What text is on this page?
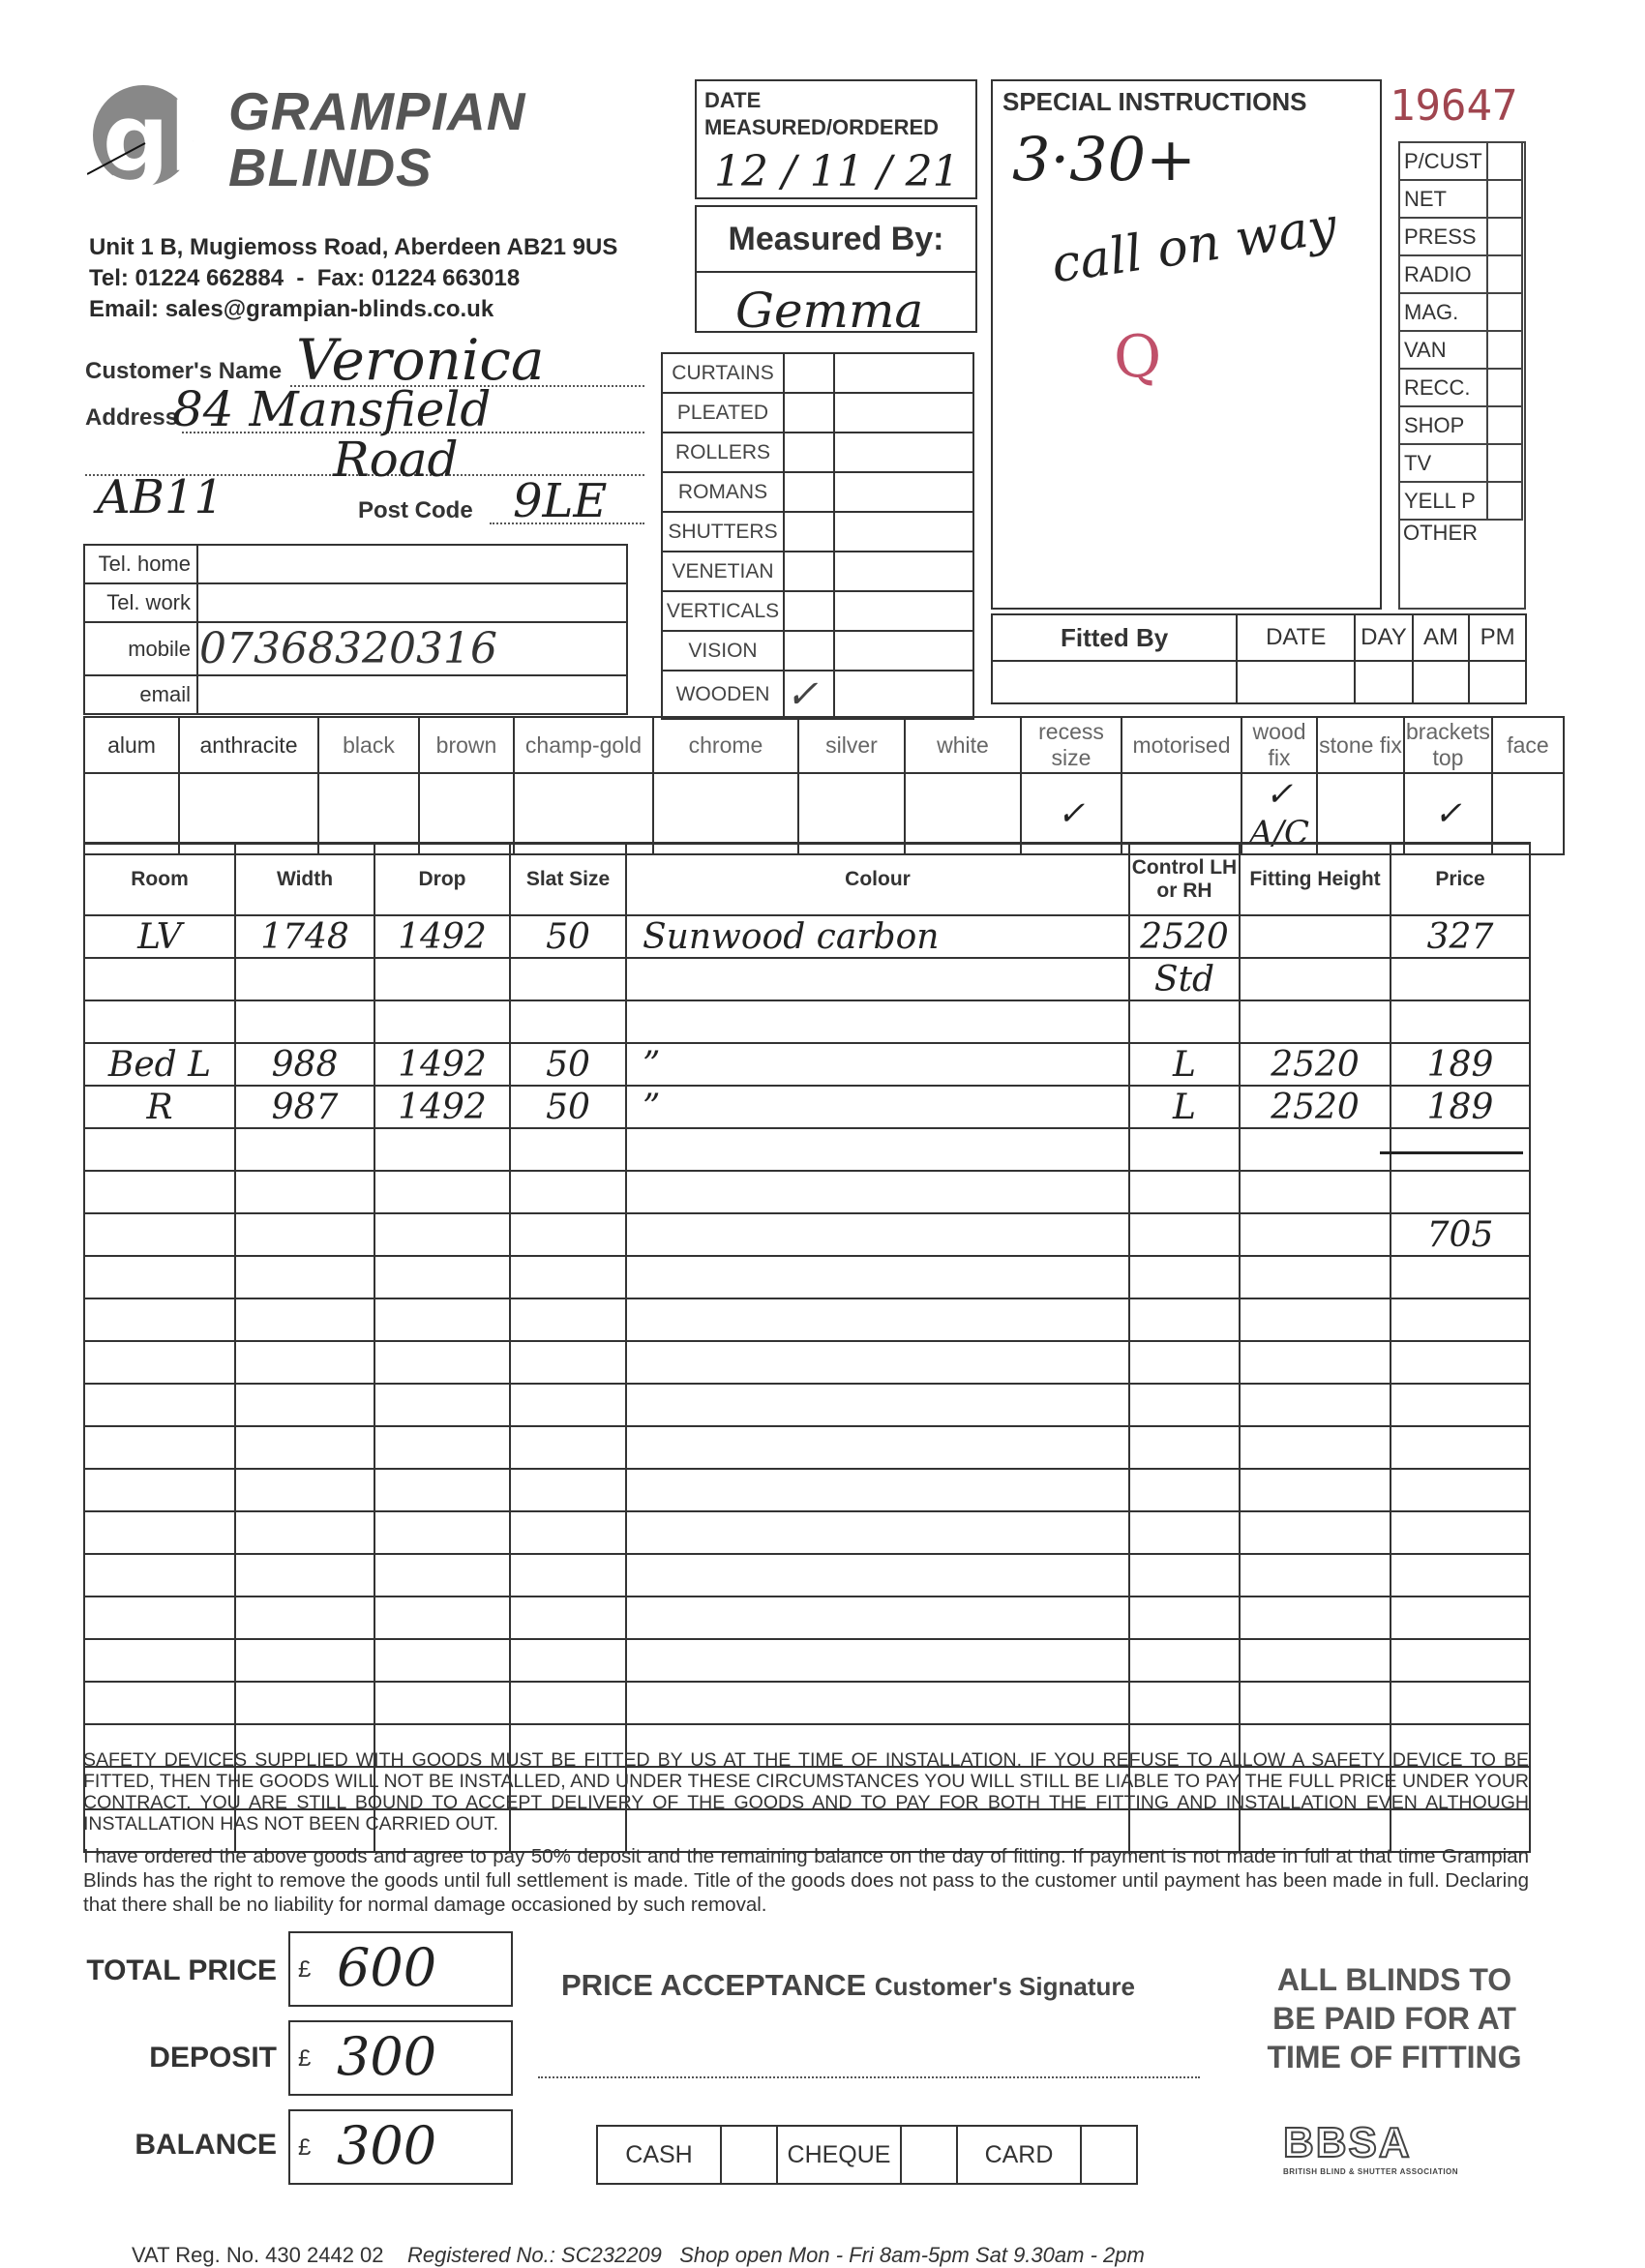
gb
GRAMPIAN
BLINDS
Unit 1 B, Mugiemoss Road, Aberdeen AB21 9US
Tel: 01224 662884  -  Fax: 01224 663018
Email: sales@grampian-blinds.co.uk
DATE MEASURED/ORDERED
12 / 11 / 21
Measured By:
Gemma
SPECIAL INSTRUCTIONS
3·30+
call on way
Q
19647
P/CUST	
NET	
PRESS	
RADIO	
MAG.	
VAN	
RECC.	
SHOP	
TV	
YELL P	
OTHER	
Customer's Name Veronica
Address
84 Mansfield
Road
AB11	Post Code 9LE
Tel. home	
Tel. work	
mobile	07368320316
email	
CURTAINS		
PLEATED		
ROLLERS		
ROMANS		
SHUTTERS		
VENETIAN		
VERTICALS		
VISION		
WOODEN	✓	
Fitted By	DATE	DAY	AM	PM

alum	anthracite	black	brown	champ-gold	chrome	silver	white	recess size	motorised	wood fix	stone fix	brackets top	face
								✓		✓ A/C		✓	
Room	Width	Drop	Slat Size	Colour	Control LH or RH	Fitting Height	Price
LV	1748	1492	50	Sunwood carbon	2520		327
					Std		

Bed L	988	1492	50	”	L	2520	189
R	987	1492	50	”	L	2520	189

							705

SAFETY DEVICES SUPPLIED WITH GOODS MUST BE FITTED BY US AT THE TIME OF INSTALLATION. IF YOU REFUSE TO ALLOW A SAFETY DEVICE TO BE FITTED, THEN THE GOODS WILL NOT BE INSTALLED, AND UNDER THESE CIRCUMSTANCES YOU WILL STILL BE LIABLE TO PAY THE FULL PRICE UNDER YOUR CONTRACT. YOU ARE STILL BOUND TO ACCEPT DELIVERY OF THE GOODS AND TO PAY FOR BOTH THE FITTING AND INSTALLATION EVEN ALTHOUGH INSTALLATION HAS NOT BEEN CARRIED OUT.
I have ordered the above goods and agree to pay 50% deposit and the remaining balance on the day of fitting. If payment is not made in full at that time Grampian Blinds has the right to remove the goods until full settlement is made. Title of the goods does not pass to the customer until payment has been made in full. Declaring that there shall be no liability for normal damage occasioned by such removal.
TOTAL PRICE £ 600
DEPOSIT £ 300
BALANCE £ 300
PRICE ACCEPTANCE Customer's Signature
CASH		CHEQUE		CARD	
ALL BLINDS TO BE PAID FOR AT TIME OF FITTING
BBSA
BRITISH BLIND & SHUTTER ASSOCIATION
VAT Reg. No. 430 2442 02 Registered No.: SC232209 Shop open Mon - Fri 8am-5pm Sat 9.30am - 2pm
